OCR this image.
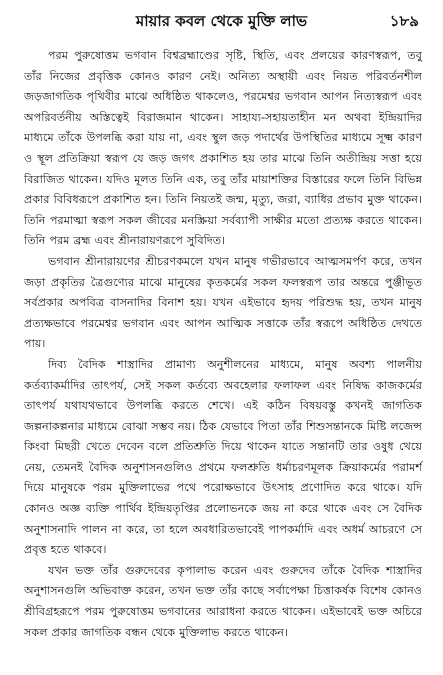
মায়ার কবল থেকে মুক্তি লাভ	১৮৯

পরম পুরুষোত্তম ভগবান বিশ্বব্রহ্মাণ্ডের সৃষ্টি, স্থিতি, এবং প্রলয়ের কারণস্বরূপ, তবু তাঁর নিজের প্রবৃত্তিক কোনও কারণ নেই। অনিত্য অস্থায়ী এবং নিয়ত পরিবর্তনশীল জড়জাগতিক পৃথিবীর মাঝে অধিষ্ঠিত থাকলেও, পরমেশ্বর ভগবান আপন নিত্যস্বরূপ এবং অপরিবর্তনীয় অস্তিত্বেই বিরাজমান থাকেন। সাহায্য-সহায়তাহীন মন অথবা ইন্দ্রিয়াদির মাধ্যমে তাঁকে উপলব্ধি করা যায় না, এবং স্থুল জড় পদার্থের উপস্থিতির মাধ্যমে সূক্ষ্ম কারণ ও স্থূল প্রতিক্রিয়া স্বরূপ যে জড় জগৎ প্রকাশিত হয় তার মাঝে তিনি অতীন্দ্রিয় সত্তা হয়ে বিরাজিত থাকেন। যদিও মূলত তিনি এক, তবু তাঁর মায়াশক্তির বিস্তারের ফলে তিনি বিভিন্ন প্রকার বিবিধরূপে প্রকাশিত হন। তিনি নিয়তই জন্ম, মৃত্যু, জরা, ব্যাধির প্রভাব মুক্ত থাকেন। তিনি পরমাত্মা স্বরূপ সকল জীবের মনস্ক্রিয়া সর্বব্যাপী সাক্ষীর মতো প্রত্যক্ষ করতে থাকেন। তিনি পরম ব্রহ্ম এবং শ্রীনারায়ণরূপে সুবিদিত।

ভগবান শ্রীনারায়ণের শ্রীচরণকমলে যখন মানুষ গভীরভাবে আত্মসমর্পণ করে, তখন জড়া প্রকৃতির ত্রৈগুণ্যের মাঝে মানুষের কৃতকর্মের সকল ফলস্বরূপ তার অন্তরে পুঞ্জীভূত সর্বপ্রকার অপবিত্র বাসনাদির বিনাশ হয়। যখন এইভাবে হৃদয় পরিশুদ্ধ হয়, তখন মানুষ প্রত্যক্ষভাবে পরমেশ্বর ভগবান এবং আপন আত্মিক সত্তাকে তাঁর স্বরূপে অধিষ্ঠিত দেখতে পায়।

দিব্য বৈদিক শাস্ত্রাদির প্রামাণ্য অনুশীলনের মাধ্যমে, মানুষ অবশ্য পালনীয় কর্তব্যাকর্মাদির তাৎপর্য, সেই সকল কর্তব্যে অবহেলার ফলাফল এবং নিষিদ্ধ কাজকর্মের তাৎপর্য যথাযথভাবে উপলব্ধি করতে শেখে। এই কঠিন বিষয়বস্তু কখনই জাগতিক জল্পনাকল্পনার মাধ্যমে বোঝা সম্ভব নয়। ঠিক যেভাবে পিতা তাঁর শিশুসন্তানকে মিষ্টি লজেন্স কিংবা মিছরী খেতে দেবেন বলে প্রতিশ্রুতি দিয়ে থাকেন যাতে সন্তানটি তার ওষুধ খেয়ে নেয়, তেমনই বৈদিক অনুশাসনগুলিও প্রথমে ফলশ্রুতি ধর্মাচরণমূলক ক্রিয়াকর্মের পরামর্শ দিয়ে মানুষকে পরম মুক্তিলাভের পথে পরোক্ষভাবে উৎসাহ প্রণোদিত করে থাকে। যদি কোনও অজ্ঞ ব্যক্তি পার্থিব ইন্দ্রিয়তৃপ্তির প্রলোভনকে জয় না করে থাকে এবং সে বৈদিক অনুশাসনাদি পালন না করে, তা হলে অবধারিতভাবেই পাপকর্মাদি এবং অধর্ম আচরণে সে প্রবৃত্ত হতে থাকবে।

যখন ভক্ত তাঁর গুরুদেবের কৃপালাভ করেন এবং গুরুদেব তাঁকে বৈদিক শাস্ত্রাদির অনুশাসনগুলি অভিবাক্ত করেন, তখন ভক্ত তাঁর কাছে সর্বাপেক্ষা চিত্তাকর্ষক বিশেষ কোনও শ্রীবিগ্রহরূপে পরম পুরুষোত্তম ভগবানের আরাধনা করতে থাকেন। এইভাবেই ভক্ত অচিরে সকল প্রকার জাগতিক বন্ধন থেকে মুক্তিলাভ করতে থাকেন।
